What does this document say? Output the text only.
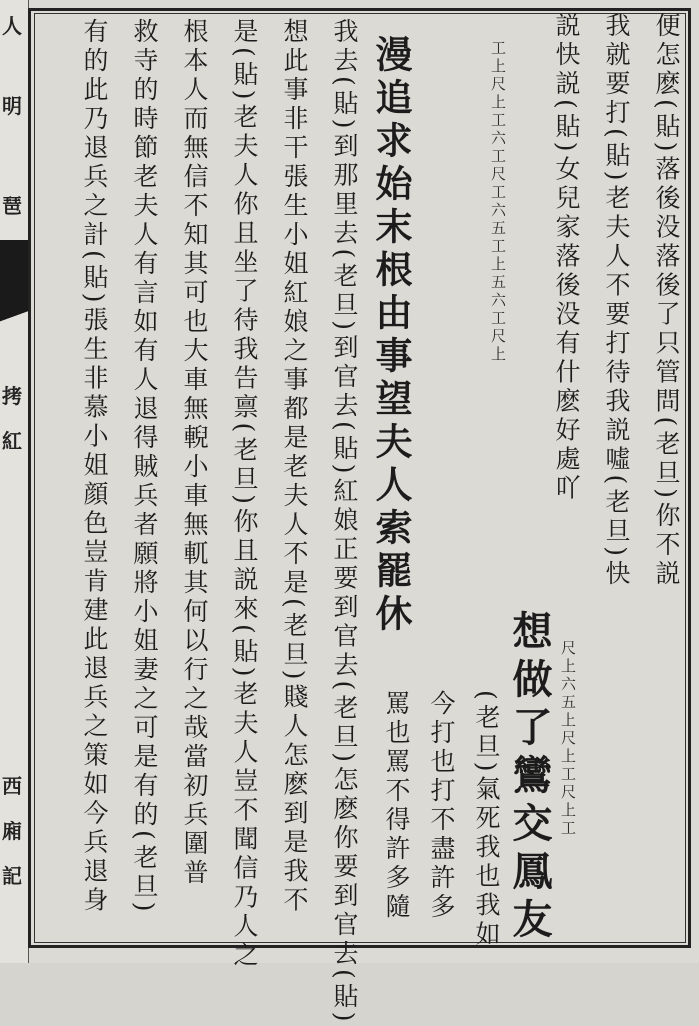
人
明
琶
拷
紅
西
廂
記
便怎麽(貼)落後没落後了只管問(老旦)你不説
我就要打(貼)老夫人不要打待我説噓(老旦)快
説快説(貼)女兒家落後没有什麽好處吖
工上尺上工六工尺工六五工上五六工尺上
漫追求始末根由事望夫人索罷休
我去(貼)到那里去(老旦)到官去(貼)紅娘正要到官去(老旦)怎麽你要到官去(貼)
想此事非干張生小姐紅娘之事都是老夫人不是(老旦)賤人怎麽到是我不
是(貼)老夫人你且坐了待我告禀(老旦)你且説來(貼)老夫人豈不聞信乃人之
根本人而無信不知其可也大車無輗小車無軏其何以行之哉當初兵圍普
救寺的時節老夫人有言如有人退得賊兵者願將小姐妻之可是有的(老旦)
有的此乃退兵之計(貼)張生非慕小姐顔色豈肯建此退兵之策如今兵退身	尺上六五上尺上工尺上工
想做了鸞交鳳友
(老旦)氣死我也我如
今打也打不盡許多
罵也罵不得許多隨
